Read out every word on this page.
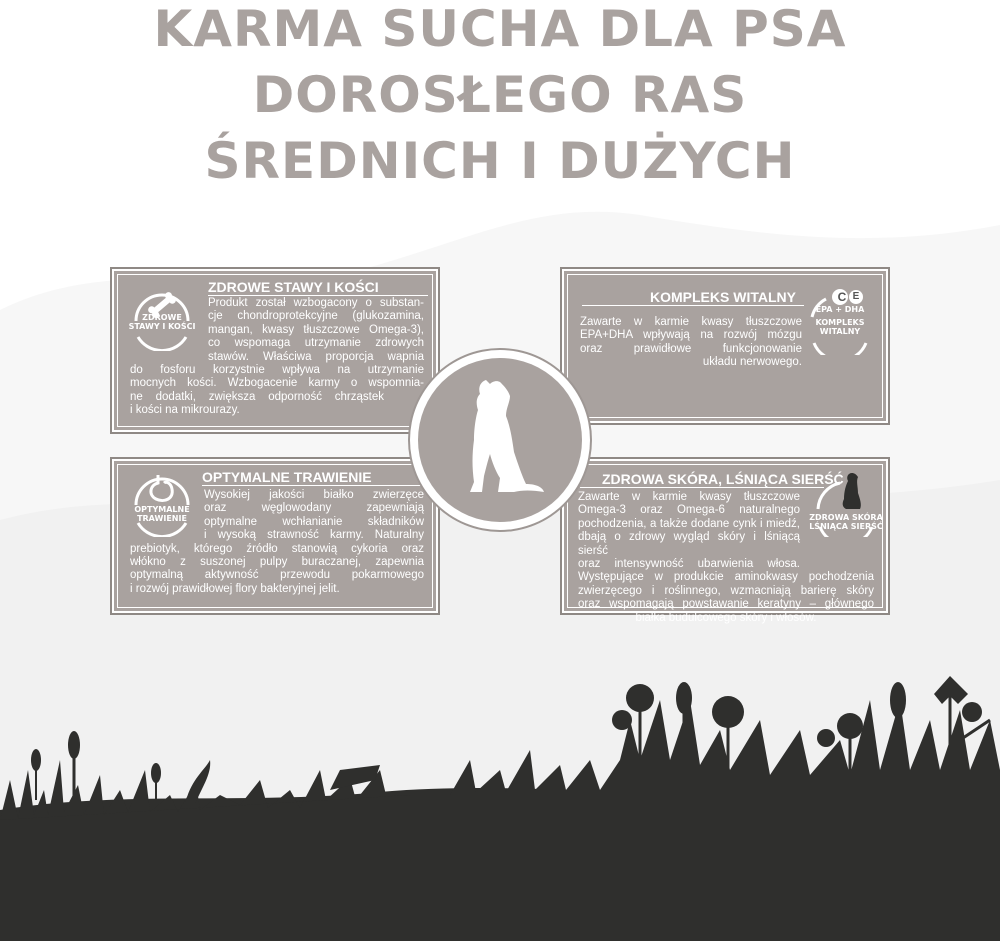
KARMA SUCHA DLA PSA
DOROSŁEGO RAS
ŚREDNICH I DUŻYCH
ZDROWE
STAWY I KOŚCI
ZDROWE STAWY I KOŚCI

Produkt został wzbogacony o substan-

cje chondroprotekcyjne (glukozamina,

mangan, kwasy tłuszczowe Omega-3),

co wspomaga utrzymanie zdrowych

stawów. Właściwa proporcja wapnia

do fosforu korzystnie wpływa na utrzymanie

mocnych kości. Wzbogacenie karmy o wspomnia-

ne dodatki, zwiększa odporność chrząstek

i kości na mikrourazy.

KOMPLEKS WITALNY

Zawarte w karmie kwasy tłuszczowe

EPA+DHA wpływają na rozwój mózgu

oraz prawidłowe funkcjonowanie

układu nerwowego.

C E
EPA + DHA
KOMPLEKS
WITALNY
OPTYMALNE
TRAWIENIE
OPTYMALNE TRAWIENIE

Wysokiej jakości białko zwierzęce

oraz węglowodany zapewniają

optymalne wchłanianie składników

i wysoką strawność karmy. Naturalny

prebiotyk, którego źródło stanowią cykoria oraz

włókno z suszonej pulpy buraczanej, zapewnia

optymalną aktywność przewodu pokarmowego

i rozwój prawidłowej flory bakteryjnej jelit.

ZDROWA SKÓRA, LŚNIĄCA SIERŚĆ

Zawarte w karmie kwasy tłuszczowe

Omega-3 oraz Omega-6 naturalnego

pochodzenia, a także dodane cynk i miedź,

dbają o zdrowy wygląd skóry i lśniącą sierść

oraz intensywność ubarwienia włosa.

Występujące w produkcie aminokwasy pochodzenia

zwierzęcego i roślinnego, wzmacniają barierę skóry

oraz wspomagają powstawanie keratyny – głównego

białka budulcowego skóry i włosów.

ZDROWA SKÓRA
LŚNIĄCA SIERŚĆ
